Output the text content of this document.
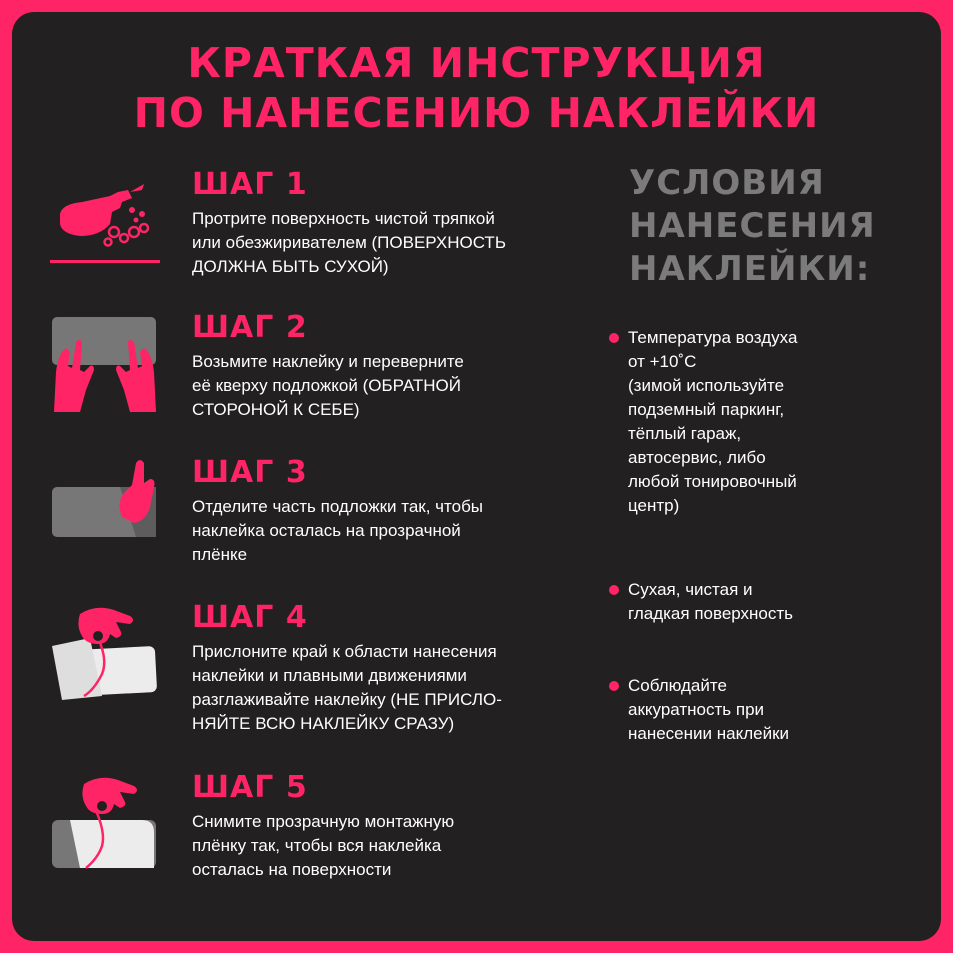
КРАТКАЯ ИНСТРУКЦИЯ
ПО НАНЕСЕНИЮ НАКЛЕЙКИ
ШАГ 1
Протрите поверхность чистой тряпкой
или обезжиривателем (ПОВЕРХНОСТЬ
ДОЛЖНА БЫТЬ СУХОЙ)
ШАГ 2
Возьмите наклейку и переверните
её кверху подложкой (ОБРАТНОЙ
СТОРОНОЙ К СЕБЕ)
ШАГ 3
Отделите часть подложки так, чтобы
наклейка осталась на прозрачной
плёнке
ШАГ 4
Прислоните край к области нанесения
наклейки и плавными движениями
разглаживайте наклейку (НЕ ПРИСЛО-
НЯЙТЕ ВСЮ НАКЛЕЙКУ СРАЗУ)
ШАГ 5
Снимите прозрачную монтажную
плёнку так, чтобы вся наклейка
осталась на поверхности
УСЛОВИЯ
НАНЕСЕНИЯ
НАКЛЕЙКИ:
Температура воздуха
от +10˚С
(зимой используйте
подземный паркинг,
тёплый гараж,
автосервис, либо
любой тонировочный
центр)
Сухая, чистая и
гладкая поверхность
Соблюдайте
аккуратность при
нанесении наклейки
